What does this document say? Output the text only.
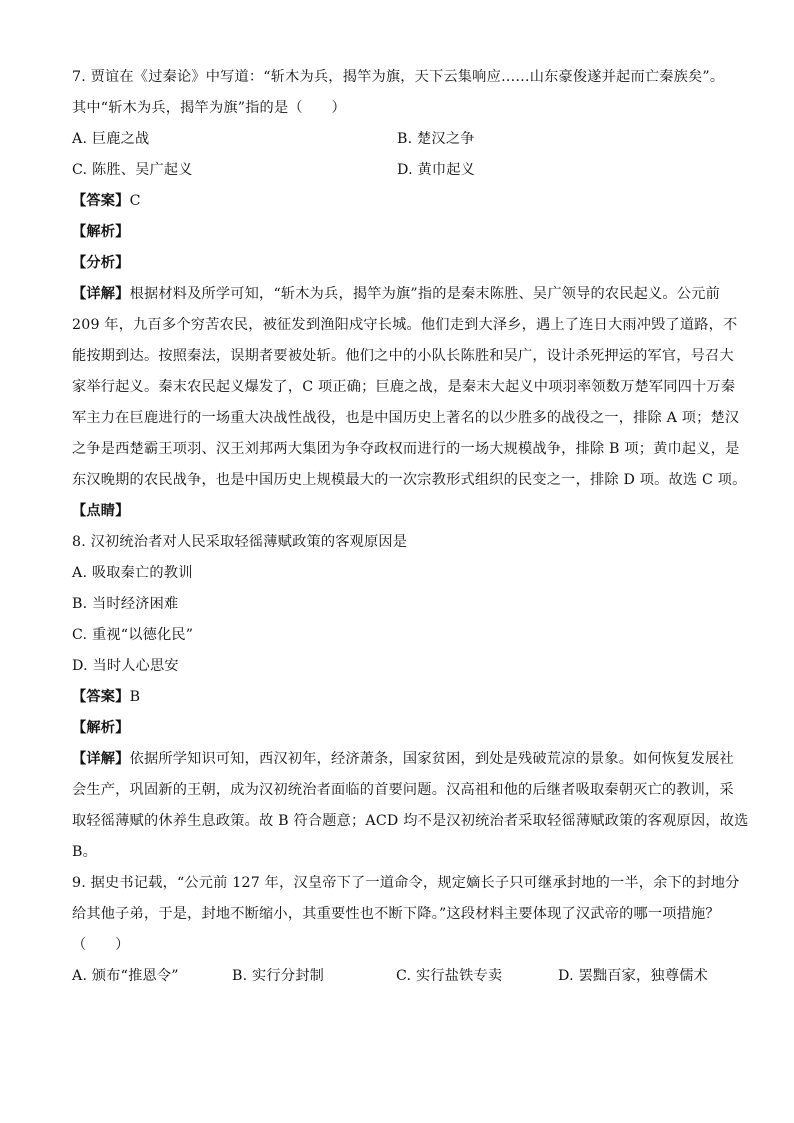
7. 贾谊在《过秦论》中写道：“斩木为兵，揭竿为旗，天下云集响应……山东豪俊遂并起而亡秦族矣”。
其中“斩木为兵，揭竿为旗”指的是（　　）
A. 巨鹿之战	B. 楚汉之争
C. 陈胜、吴广起义	D. 黄巾起义
【答案】C
【解析】
【分析】
【详解】根据材料及所学可知，“斩木为兵，揭竿为旗”指的是秦末陈胜、吴广领导的农民起义。公元前
209 年，九百多个穷苦农民，被征发到渔阳戍守长城。他们走到大泽乡，遇上了连日大雨冲毁了道路，不
能按期到达。按照秦法，误期者要被处斩。他们之中的小队长陈胜和吴广，设计杀死押运的军官，号召大
家举行起义。秦末农民起义爆发了，C 项正确；巨鹿之战，是秦末大起义中项羽率领数万楚军同四十万秦
军主力在巨鹿进行的一场重大决战性战役，也是中国历史上著名的以少胜多的战役之一，排除 A 项；楚汉
之争是西楚霸王项羽、汉王刘邦两大集团为争夺政权而进行的一场大规模战争，排除 B 项；黄巾起义，是
东汉晚期的农民战争，也是中国历史上规模最大的一次宗教形式组织的民变之一，排除 D 项。故选 C 项。
【点睛】
8. 汉初统治者对人民采取轻徭薄赋政策的客观原因是
A. 吸取秦亡的教训
B. 当时经济困难
C. 重视“以德化民”
D. 当时人心思安
【答案】B
【解析】
【详解】依据所学知识可知，西汉初年，经济萧条，国家贫困，到处是残破荒凉的景象。如何恢复发展社
会生产，巩固新的王朝，成为汉初统治者面临的首要问题。汉高祖和他的后继者吸取秦朝灭亡的教训，采
取轻徭薄赋的休养生息政策。故 B 符合题意；ACD 均不是汉初统治者采取轻徭薄赋政策的客观原因，故选
B。
9. 据史书记载，“公元前 127 年，汉皇帝下了一道命令，规定嫡长子只可继承封地的一半，余下的封地分
给其他子弟，于是，封地不断缩小，其重要性也不断下降。”这段材料主要体现了汉武帝的哪一项措施？
（　　）
A. 颁布“推恩令”	B. 实行分封制	C. 实行盐铁专卖	D. 罢黜百家，独尊儒术
